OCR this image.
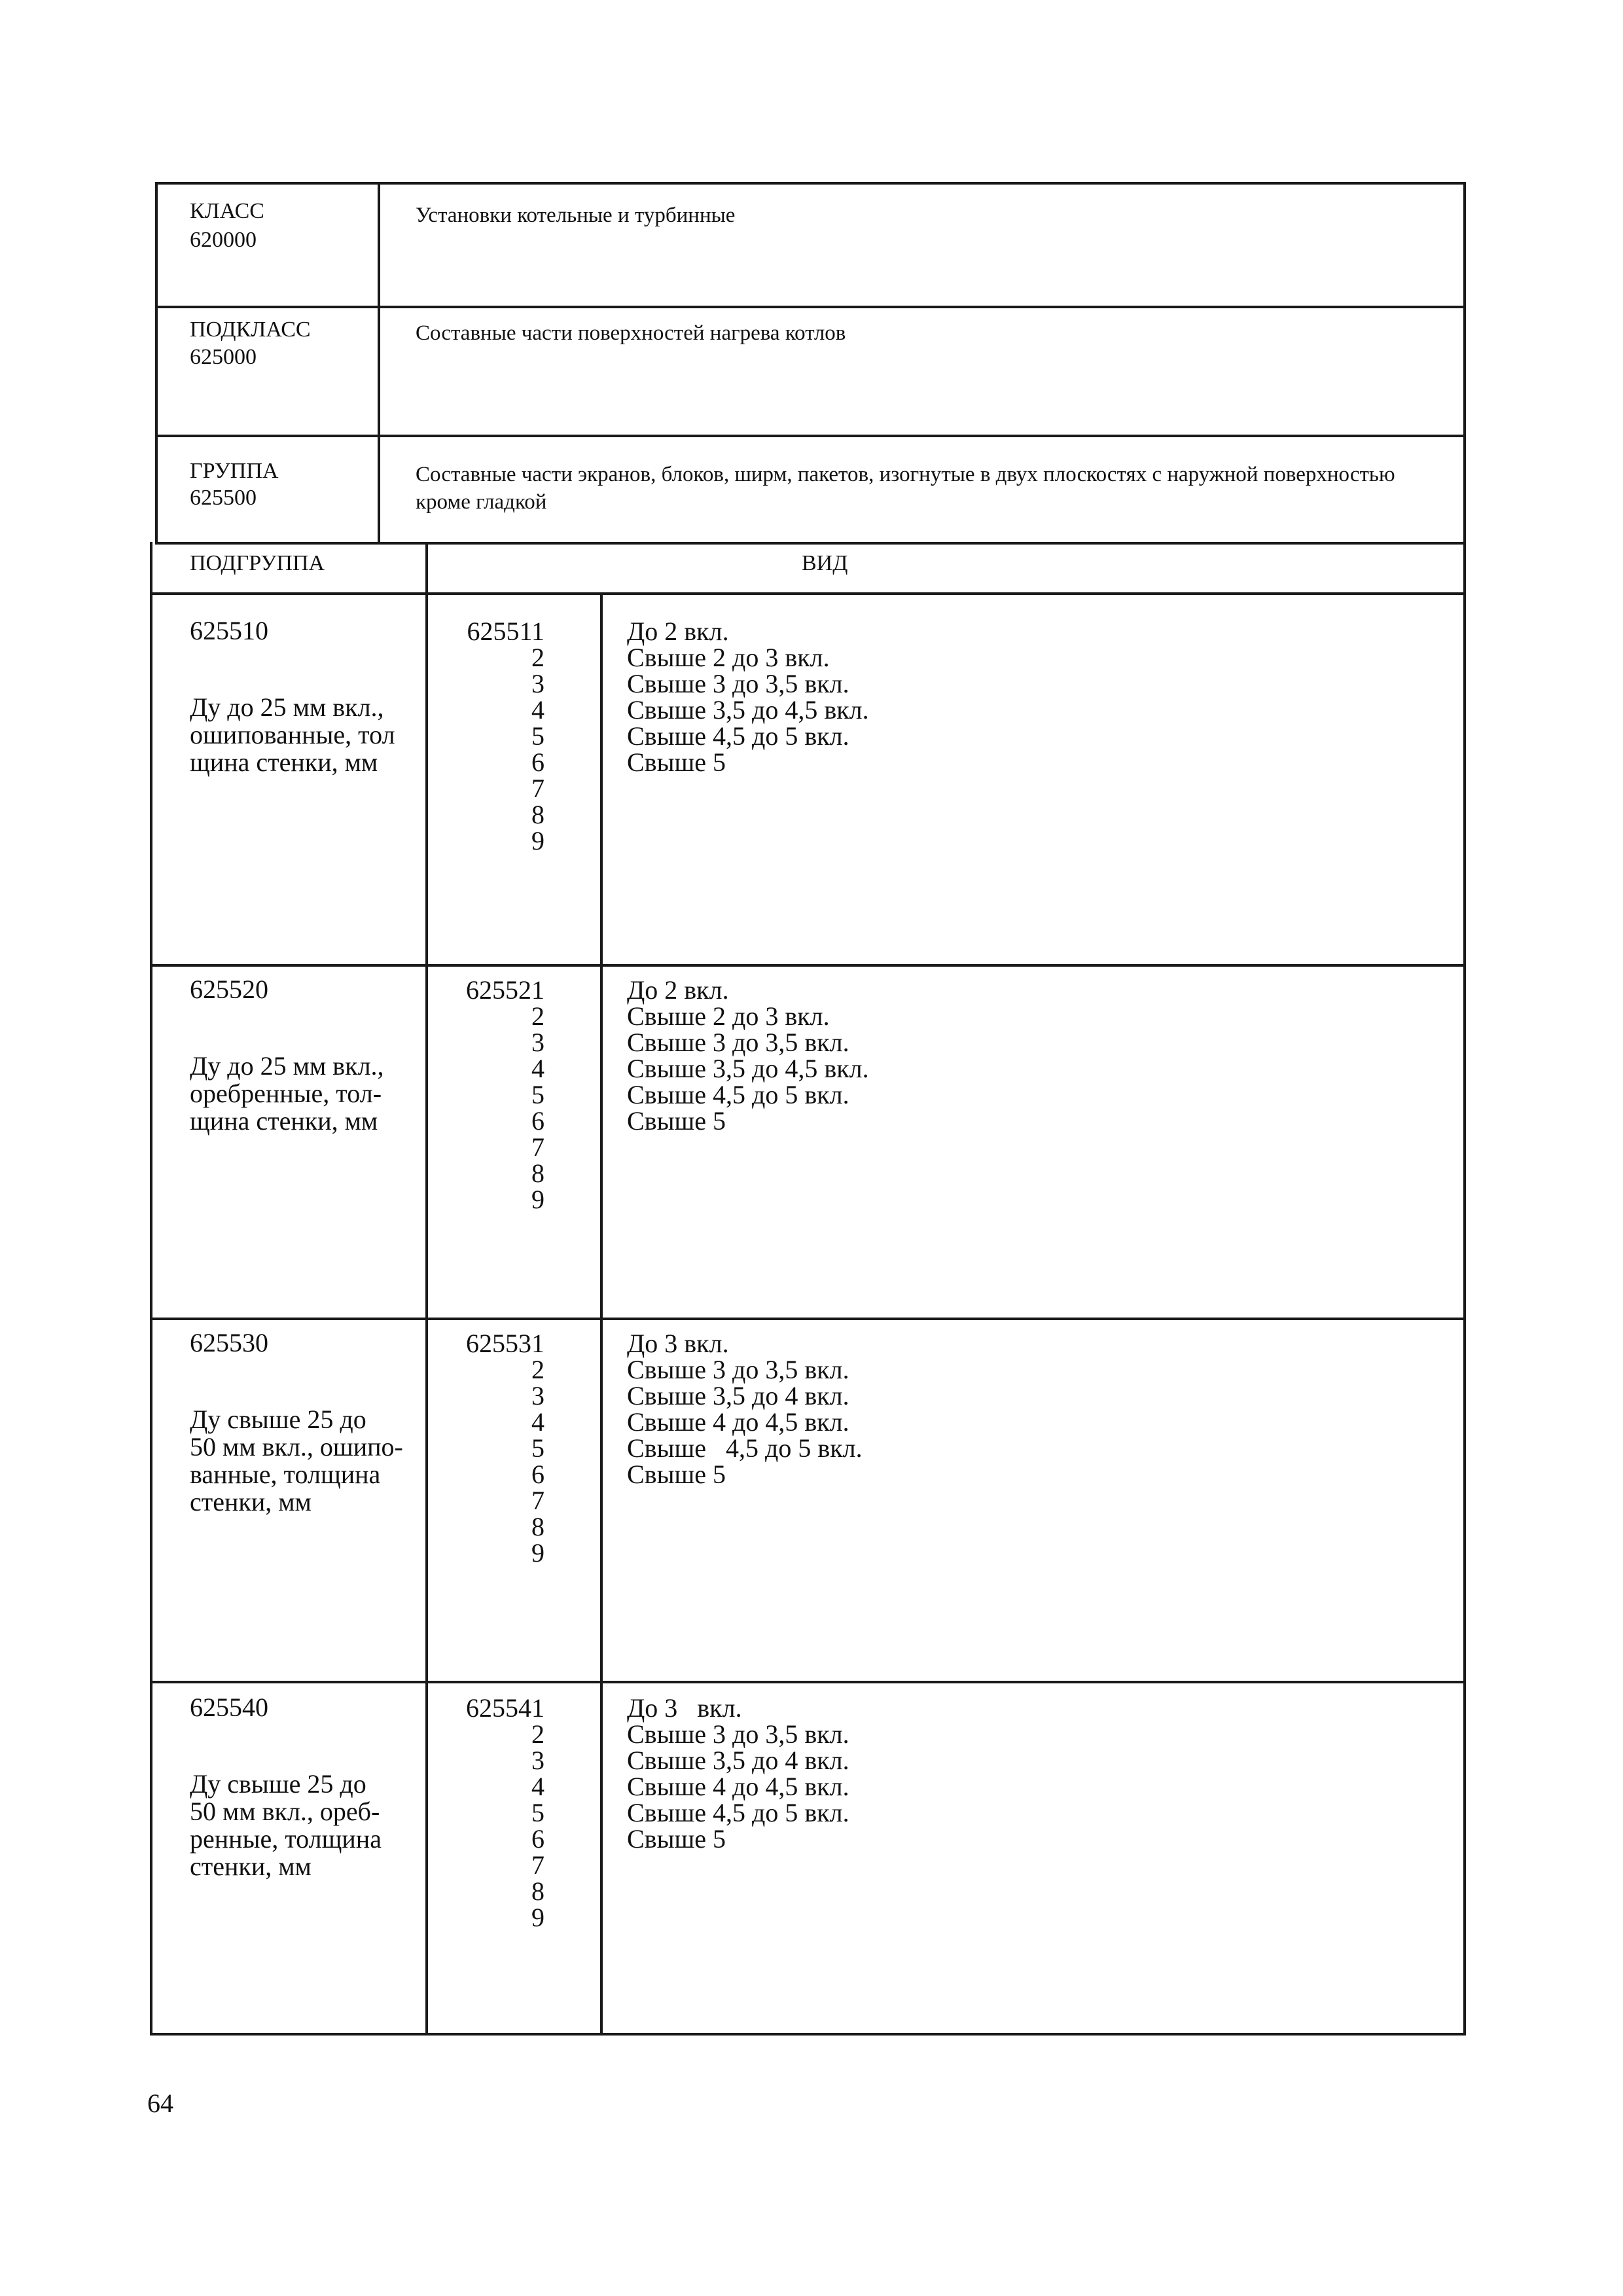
КЛАСС
620000
Установки котельные и турбинные
ПОДКЛАСС
625000
Составные части поверхностей нагрева котлов
ГРУППА
625500
Составные части экранов, блоков, ширм, пакетов, изогнутые в двух плоскостях с наружной поверхностью кроме гладкой
ПОДГРУППА	ВИД
625510
Ду до 25 мм вкл.,
ошипованные, тол
щина стенки, мм
625511
2
3
4
5
6
7
8
9
До 2 вкл.
Свыше 2 до 3 вкл.
Свыше 3 до 3,5 вкл.
Свыше 3,5 до 4,5 вкл.
Свыше 4,5 до 5 вкл.
Свыше 5
625520
Ду до 25 мм вкл.,
оребренные, тол-
щина стенки, мм
625521
2
3
4
5
6
7
8
9
До 2 вкл.
Свыше 2 до 3 вкл.
Свыше 3 до 3,5 вкл.
Свыше 3,5 до 4,5 вкл.
Свыше 4,5 до 5 вкл.
Свыше 5
625530
Ду свыше 25 до
50 мм вкл., ошипо-
ванные, толщина
стенки, мм
625531
2
3
4
5
6
7
8
9
До 3 вкл.
Свыше 3 до 3,5 вкл.
Свыше 3,5 до 4 вкл.
Свыше 4 до 4,5 вкл.
Свыше   4,5 до 5 вкл.
Свыше 5
625540
Ду свыше 25 до
50 мм вкл., ореб-
ренные, толщина
стенки, мм
625541
2
3
4
5
6
7
8
9
До 3   вкл.
Свыше 3 до 3,5 вкл.
Свыше 3,5 до 4 вкл.
Свыше 4 до 4,5 вкл.
Свыше 4,5 до 5 вкл.
Свыше 5
64
